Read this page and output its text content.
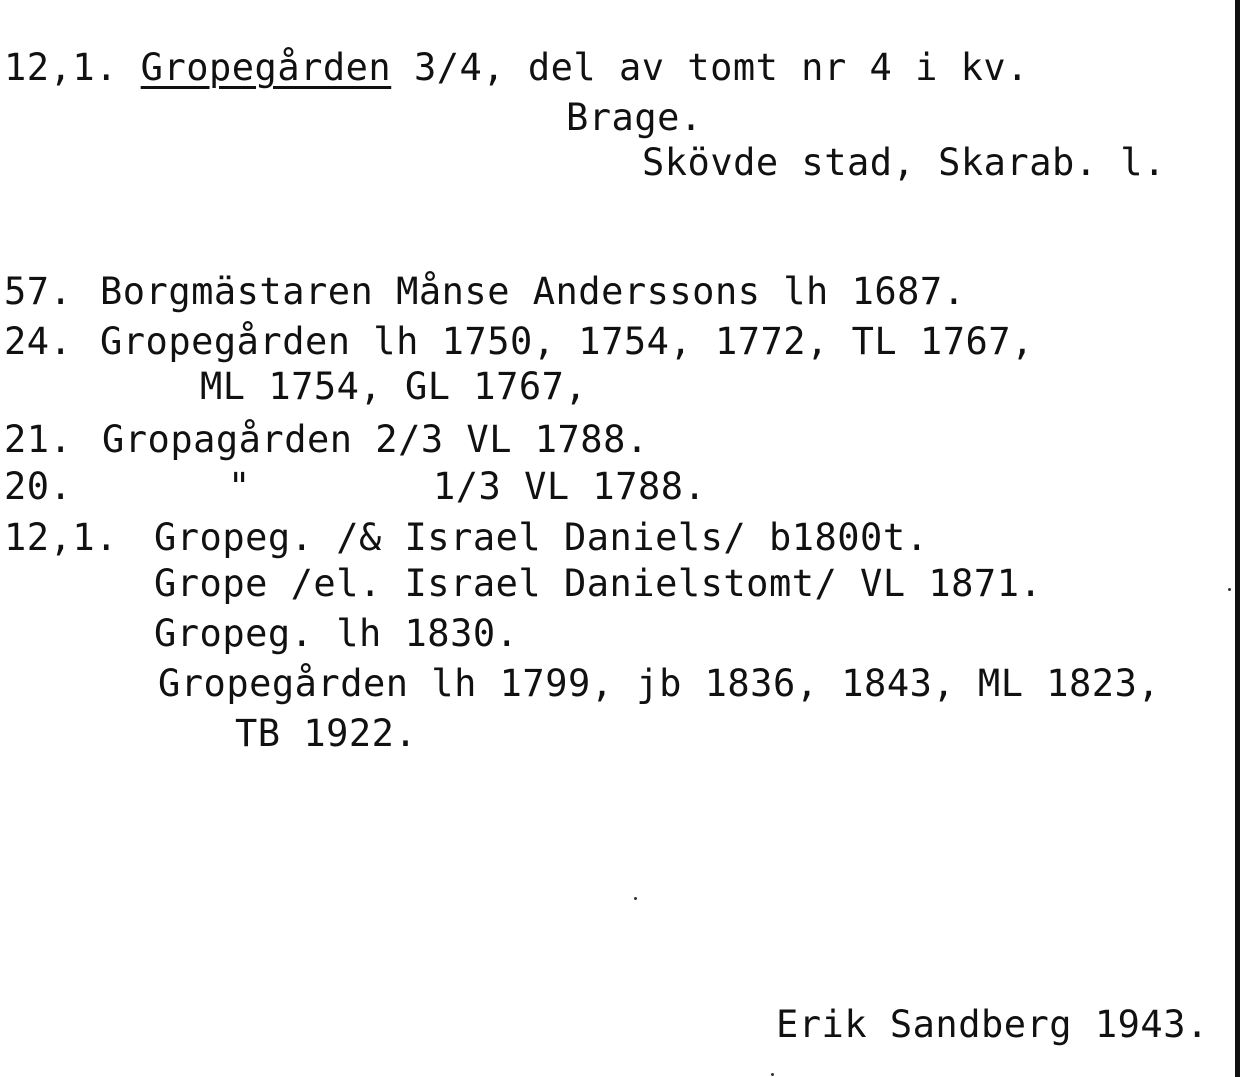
12,1. Gropegården 3/4, del av tomt nr 4 i kv.
Brage.
Skövde stad, Skarab. l.
57. Borgmästaren Månse Anderssons lh 1687.
24. Gropegården lh 1750, 1754, 1772, TL 1767,
ML 1754, GL 1767,
21. Gropagården 2/3 VL 1788.
20.	"        1/3 VL 1788.
12,1. Gropeg. /& Israel Daniels/ b1800t.
Grope /el. Israel Danielstomt/ VL 1871.
Gropeg. lh 1830.
Gropegården lh 1799, jb 1836, 1843, ML 1823,
TB 1922.
Erik Sandberg 1943.
